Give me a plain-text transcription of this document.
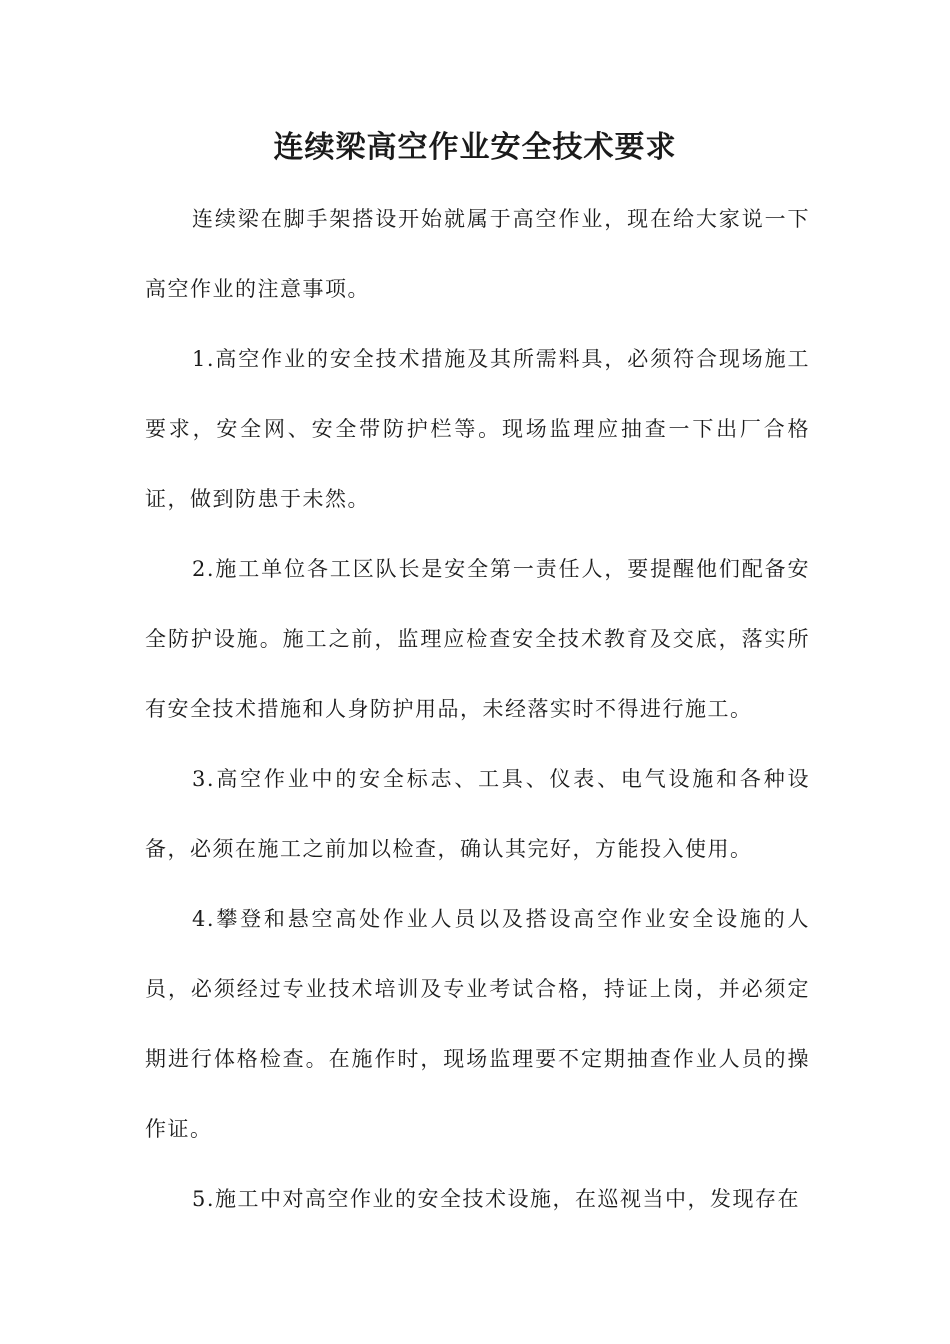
连续梁高空作业安全技术要求

连续梁在脚手架搭设开始就属于高空作业，现在给大家说一下高空作业的注意事项。

1.高空作业的安全技术措施及其所需料具，必须符合现场施工要求，安全网、安全带防护栏等。现场监理应抽查一下出厂合格证，做到防患于未然。

2.施工单位各工区队长是安全第一责任人，要提醒他们配备安全防护设施。施工之前，监理应检查安全技术教育及交底，落实所有安全技术措施和人身防护用品，未经落实时不得进行施工。

3.高空作业中的安全标志、工具、仪表、电气设施和各种设备，必须在施工之前加以检查，确认其完好，方能投入使用。

4.攀登和悬空高处作业人员以及搭设高空作业安全设施的人员，必须经过专业技术培训及专业考试合格，持证上岗，并必须定期进行体格检查。在施作时，现场监理要不定期抽查作业人员的操作证。

5.施工中对高空作业的安全技术设施，在巡视当中，发现存在
